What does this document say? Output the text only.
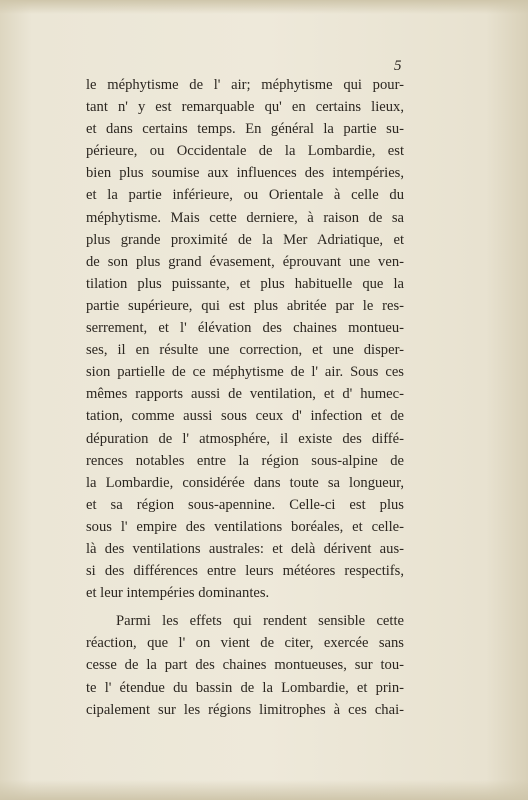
5
le méphytisme de l' air; méphytisme qui pour-
tant n' y est remarquable qu' en certains lieux,
et dans certains temps. En général la partie su-
périeure, ou Occidentale de la Lombardie, est
bien plus soumise aux influences des intempéries,
et la partie inférieure, ou Orientale à celle du
méphytisme. Mais cette derniere, à raison de sa
plus grande proximité de la Mer Adriatique, et
de son plus grand évasement, éprouvant une ven-
tilation plus puissante, et plus habituelle que la
partie supérieure, qui est plus abritée par le res-
serrement, et l' élévation des chaines montueu-
ses, il en résulte une correction, et une disper-
sion partielle de ce méphytisme de l' air. Sous ces
mêmes rapports aussi de ventilation, et d' humec-
tation, comme aussi sous ceux d' infection et de
dépuration de l' atmosphére, il existe des diffé-
rences notables entre la région sous-alpine de
la Lombardie, considérée dans toute sa longueur,
et sa région sous-apennine. Celle-ci est plus
sous l' empire des ventilations boréales, et celle-
là des ventilations australes: et delà dérivent aus-
si des différences entre leurs météores respectifs,
et leur intempéries dominantes.
Parmi les effets qui rendent sensible cette
réaction, que l' on vient de citer, exercée sans
cesse de la part des chaines montueuses, sur tou-
te l' étendue du bassin de la Lombardie, et prin-
cipalement sur les régions limitrophes à ces chai-
